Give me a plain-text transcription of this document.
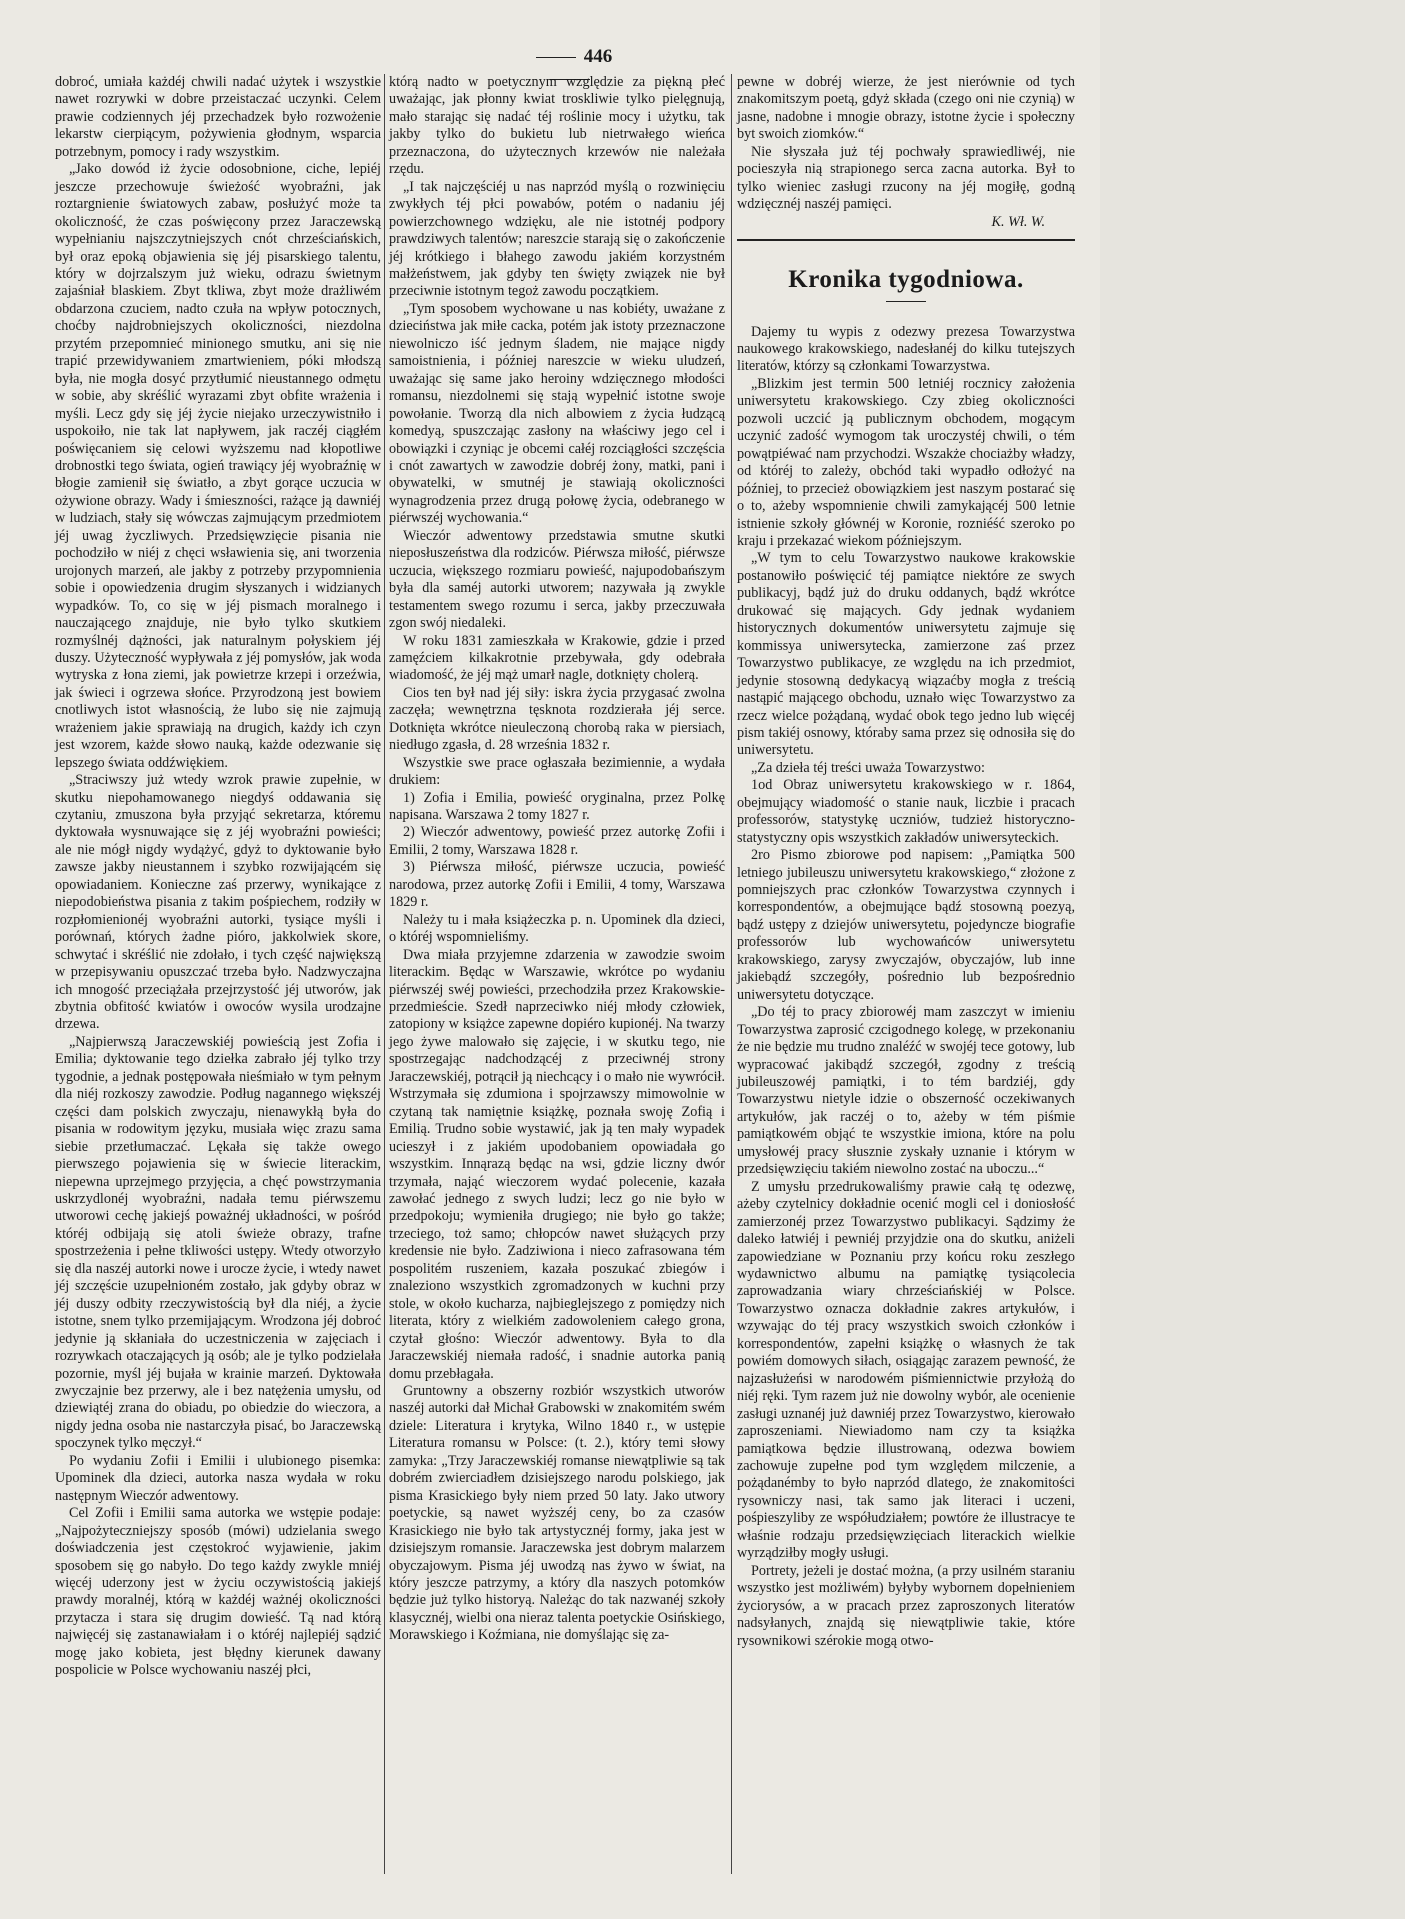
446

dobroć, umiała każdéj chwili nadać użytek i wszystkie nawet rozrywki w dobre przeistaczać uczynki. Celem prawie codziennych jéj przechadzek było rozwożenie lekarstw cierpiącym, pożywienia głodnym, wsparcia potrzebnym, pomocy i rady wszystkim.

„Jako dowód iż życie odosobnione, ciche, lepiéj jeszcze przechowuje świeżość wyobraźni, jak roztargnienie światowych zabaw, posłużyć może ta okoliczność, że czas poświęcony przez Jaraczewską wypełnianiu najszczytniejszych cnót chrześciańskich, był oraz epoką objawienia się jéj pisarskiego talentu, który w dojrzalszym już wieku, odrazu świetnym zajaśniał blaskiem. Zbyt tkliwa, zbyt może drażliwém obdarzona czuciem, nadto czuła na wpływ potocznych, choćby najdrobniejszych okoliczności, niezdolna przytém przepomnieć minionego smutku, ani się nie trapić przewidywaniem zmartwieniem, póki młodszą była, nie mogła dosyć przytłumić nieustannego odmętu w sobie, aby skréślić wyrazami zbyt obfite wrażenia i myśli. Lecz gdy się jéj życie niejako urzeczywistniło i uspokoiło, nie tak lat napływem, jak raczéj ciągłém poświęcaniem się celowi wyższemu nad kłopotliwe drobnostki tego świata, ogień trawiący jéj wyobraźnię w błogie zamienił się światło, a zbyt gorące uczucia w ożywione obrazy. Wady i śmieszności, rażące ją dawniéj w ludziach, stały się wówczas zajmującym przedmiotem jéj uwag życzliwych. Przedsięwzięcie pisania nie pochodziło w niéj z chęci wsławienia się, ani tworzenia urojonych marzeń, ale jakby z potrzeby przypomnienia sobie i opowiedzenia drugim słyszanych i widzianych wypadków. To, co się w jéj pismach moralnego i nauczającego znajduje, nie było tylko skutkiem rozmyślnéj dążności, jak naturalnym połyskiem jéj duszy. Użyteczność wypływała z jéj pomysłów, jak woda wytryska z łona ziemi, jak powietrze krzepi i orzeźwia, jak świeci i ogrzewa słońce. Przyrodzoną jest bowiem cnotliwych istot własnością, że lubo się nie zajmują wrażeniem jakie sprawiają na drugich, każdy ich czyn jest wzorem, każde słowo nauką, każde odezwanie się lepszego świata oddźwiękiem.

„Straciwszy już wtedy wzrok prawie zupełnie, w skutku niepohamowanego niegdyś oddawania się czytaniu, zmuszona była przyjąć sekretarza, któremu dyktowała wysnuwające się z jéj wyobraźni powieści; ale nie mógł nigdy wydążyć, gdyż to dyktowanie było zawsze jakby nieustannem i szybko rozwijającém się opowiadaniem. Konieczne zaś przerwy, wynikające z niepodobieństwa pisania z takim pośpiechem, rodziły w rozpłomienionéj wyobraźni autorki, tysiące myśli i porównań, których żadne pióro, jakkolwiek skore, schwytać i skréślić nie zdołało, i tych część największą w przepisywaniu opuszczać trzeba było. Nadzwyczajna ich mnogość przeciążała przejrzystość jéj utworów, jak zbytnia obfitość kwiatów i owoców wysila urodzajne drzewa.

„Najpierwszą Jaraczewskiéj powieścią jest Zofia i Emilia; dyktowanie tego dziełka zabrało jéj tylko trzy tygodnie, a jednak postępowała nieśmiało w tym pełnym dla niéj rozkoszy zawodzie. Podług nagannego większéj części dam polskich zwyczaju, nienawykłą była do pisania w rodowitym języku, musiała więc zrazu sama siebie przetłumaczać. Lękała się także owego pierwszego pojawienia się w świecie literackim, niepewna uprzejmego przyjęcia, a chęć powstrzymania uskrzydlonéj wyobraźni, nadała temu piérwszemu utworowi cechę jakiejś poważnéj układności, w pośród któréj odbijają się atoli świeże obrazy, trafne spostrzeżenia i pełne tkliwości ustępy. Wtedy otworzyło się dla naszéj autorki nowe i urocze życie, i wtedy nawet jéj szczęście uzupełnioném zostało, jak gdyby obraz w jéj duszy odbity rzeczywistością był dla niéj, a życie istotne, snem tylko przemijającym. Wrodzona jéj dobroć jedynie ją skłaniała do uczestniczenia w zajęciach i rozrywkach otaczających ją osób; ale je tylko podzielała pozornie, myśl jéj bujała w krainie marzeń. Dyktowała zwyczajnie bez przerwy, ale i bez natężenia umysłu, od dziewiątéj zrana do obiadu, po obiedzie do wieczora, a nigdy jedna osoba nie nastarczyła pisać, bo Jaraczewską spoczynek tylko męczył.“

Po wydaniu Zofii i Emilii i ulubionego pisemka: Upominek dla dzieci, autorka nasza wydała w roku następnym Wieczór adwentowy.

Cel Zofii i Emilii sama autorka we wstępie podaje: „Najpożyteczniejszy sposób (mówi) udzielania swego doświadczenia jest częstokroć wyjawienie, jakim sposobem się go nabyło. Do tego każdy zwykle mniéj więcéj uderzony jest w życiu oczywistością jakiejś prawdy moralnéj, którą w każdéj ważnéj okoliczności przytacza i stara się drugim dowieść. Tą nad którą najwięcéj się zastanawiałam i o któréj najlepiéj sądzić mogę jako kobieta, jest błędny kierunek dawany pospolicie w Polsce wychowaniu naszéj płci,

którą nadto w poetycznym względzie za piękną płeć uważając, jak płonny kwiat troskliwie tylko pielęgnują, mało starając się nadać téj roślinie mocy i użytku, tak jakby tylko do bukietu lub nietrwałego wieńca przeznaczona, do użytecznych krzewów nie należała rzędu.

„I tak najczęściéj u nas naprzód myślą o rozwinięciu zwykłych téj płci powabów, potém o nadaniu jéj powierzchownego wdzięku, ale nie istotnéj podpory prawdziwych talentów; nareszcie starają się o zakończenie jéj krótkiego i błahego zawodu jakiém korzystném małżeństwem, jak gdyby ten święty związek nie był przeciwnie istotnym tegoż zawodu początkiem.

„Tym sposobem wychowane u nas kobiéty, uważane z dzieciństwa jak miłe cacka, potém jak istoty przeznaczone niewolniczo iść jednym śladem, nie mające nigdy samoistnienia, i później nareszcie w wieku uludzeń, uważając się same jako heroiny wdzięcznego młodości romansu, niezdolnemi się stają wypełnić istotne swoje powołanie. Tworzą dla nich albowiem z życia łudzącą komedyą, spuszczając zasłony na właściwy jego cel i obowiązki i czyniąc je obcemi całéj rozciągłości szczęścia i cnót zawartych w zawodzie dobréj żony, matki, pani i obywatelki, w smutnéj je stawiają okoliczności wynagrodzenia przez drugą połowę życia, odebranego w piérwszéj wychowania.“

Wieczór adwentowy przedstawia smutne skutki nieposłuszeństwa dla rodziców. Piérwsza miłość, piérwsze uczucia, większego rozmiaru powieść, najupodobańszym była dla saméj autorki utworem; nazywała ją zwykle testamentem swego rozumu i serca, jakby przeczuwała zgon swój niedaleki.

W roku 1831 zamieszkała w Krakowie, gdzie i przed zamęźciem kilkakrotnie przebywała, gdy odebrała wiadomość, że jéj mąż umarł nagle, dotknięty cholerą.

Cios ten był nad jéj siły: iskra życia przygasać zwolna zaczęła; wewnętrzna tęsknota rozdzierała jéj serce. Dotknięta wkrótce nieuleczoną chorobą raka w piersiach, niedługo zgasła, d. 28 września 1832 r.

Wszystkie swe prace ogłaszała bezimiennie, a wydała drukiem:

1) Zofia i Emilia, powieść oryginalna, przez Polkę napisana. Warszawa 2 tomy 1827 r.

2) Wieczór adwentowy, powieść przez autorkę Zofii i Emilii, 2 tomy, Warszawa 1828 r.

3) Piérwsza miłość, piérwsze uczucia, powieść narodowa, przez autorkę Zofii i Emilii, 4 tomy, Warszawa 1829 r.

Należy tu i mała książeczka p. n. Upominek dla dzieci, o któréj wspomnieliśmy.

Dwa miała przyjemne zdarzenia w zawodzie swoim literackim. Będąc w Warszawie, wkrótce po wydaniu piérwszéj swéj powieści, przechodziła przez Krakowskie-przedmieście. Szedł naprzeciwko niéj młody człowiek, zatopiony w książce zapewne dopiéro kupionéj. Na twarzy jego żywe malowało się zajęcie, i w skutku tego, nie spostrzegając nadchodzącéj z przeciwnéj strony Jaraczewskiéj, potrącił ją niechcący i o mało nie wywrócił. Wstrzymała się zdumiona i spojrzawszy mimowolnie w czytaną tak namiętnie książkę, poznała swoję Zofią i Emilią. Trudno sobie wystawić, jak ją ten mały wypadek ucieszył i z jakiém upodobaniem opowiadała go wszystkim. Innąrazą będąc na wsi, gdzie liczny dwór trzymała, nająć wieczorem wydać polecenie, kazała zawołać jednego z swych ludzi; lecz go nie było w przedpokoju; wymieniła drugiego; nie było go także; trzeciego, toż samo; chłopców nawet służących przy kredensie nie było. Zadziwiona i nieco zafrasowana tém pospolitém ruszeniem, kazała poszukać zbiegów i znaleziono wszystkich zgromadzonych w kuchni przy stole, w około kucharza, najbieglejszego z pomiędzy nich literata, który z wielkiém zadowoleniem całego grona, czytał głośno: Wieczór adwentowy. Była to dla Jaraczewskiéj niemała radość, i snadnie autorka panią domu przebłagała.

Gruntowny a obszerny rozbiór wszystkich utworów naszéj autorki dał Michał Grabowski w znakomitém swém dziele: Literatura i krytyka, Wilno 1840 r., w ustępie Literatura romansu w Polsce: (t. 2.), który temi słowy zamyka: „Trzy Jaraczewskiéj romanse niewątpliwie są tak dobrém zwierciadłem dzisiejszego narodu polskiego, jak pisma Krasickiego były niem przed 50 laty. Jako utwory poetyckie, są nawet wyższéj ceny, bo za czasów Krasickiego nie było tak artystycznéj formy, jaka jest w dzisiejszym romansie. Jaraczewska jest dobrym malarzem obyczajowym. Pisma jéj uwodzą nas żywo w świat, na który jeszcze patrzymy, a który dla naszych potomków będzie już tylko historyą. Należąc do tak nazwanéj szkoły klasycznéj, wielbi ona nieraz talenta poetyckie Osińskiego, Morawskiego i Koźmiana, nie domyślając się za-

pewne w dobréj wierze, że jest nierównie od tych znakomitszym poetą, gdyż składa (czego oni nie czynią) w jasne, nadobne i mnogie obrazy, istotne życie i społeczny byt swoich ziomków.“

Nie słyszała już téj pochwały sprawiedliwéj, nie pocieszyła nią strapionego serca zacna autorka. Był to tylko wieniec zasługi rzucony na jéj mogiłę, godną wdzięcznéj naszéj pamięci.

K. Wł. W.
Kronika tygodniowa.

Dajemy tu wypis z odezwy prezesa Towarzystwa naukowego krakowskiego, nadesłanéj do kilku tutejszych literatów, którzy są członkami Towarzystwa.

„Blizkim jest termin 500 letniéj rocznicy założenia uniwersytetu krakowskiego. Czy zbieg okoliczności pozwoli uczcić ją publicznym obchodem, mogącym uczynić zadość wymogom tak uroczystéj chwili, o tém powątpiéwać nam przychodzi. Wszakże chociażby władzy, od któréj to zależy, obchód taki wypadło odłożyć na później, to przecież obowiązkiem jest naszym postarać się o to, ażeby wspomnienie chwili zamykającéj 500 letnie istnienie szkoły głównéj w Koronie, rozniéść szeroko po kraju i przekazać wiekom późniejszym.

„W tym to celu Towarzystwo naukowe krakowskie postanowiło poświęcić téj pamiątce niektóre ze swych publikacyj, bądź już do druku oddanych, bądź wkrótce drukować się mających. Gdy jednak wydaniem historycznych dokumentów uniwersytetu zajmuje się kommissya uniwersytecka, zamierzone zaś przez Towarzystwo publikacye, ze względu na ich przedmiot, jedynie stosowną dedykacyą wiązaćby mogła z treścią nastąpić mającego obchodu, uznało więc Towarzystwo za rzecz wielce pożądaną, wydać obok tego jedno lub więcéj pism takiéj osnowy, któraby sama przez się odnosiła się do uniwersytetu.

„Za dzieła téj treści uważa Towarzystwo:

1od Obraz uniwersytetu krakowskiego w r. 1864, obejmujący wiadomość o stanie nauk, liczbie i pracach professorów, statystykę uczniów, tudzież historyczno-statystyczny opis wszystkich zakładów uniwersyteckich.

2ro Pismo zbiorowe pod napisem: ,,Pamiątka 500 letniego jubileuszu uniwersytetu krakowskiego,“ złożone z pomniejszych prac członków Towarzystwa czynnych i korrespondentów, a obejmujące bądź stosowną poezyą, bądź ustępy z dziejów uniwersytetu, pojedyncze biografie professorów lub wychowańców uniwersytetu krakowskiego, zarysy zwyczajów, obyczajów, lub inne jakiebądź szczegóły, pośrednio lub bezpośrednio uniwersytetu dotyczące.

„Do téj to pracy zbiorowéj mam zaszczyt w imieniu Towarzystwa zaprosić czcigodnego kolegę, w przekonaniu że nie będzie mu trudno znaléźć w swojéj tece gotowy, lub wypracować jakibądź szczegół, zgodny z treścią jubileuszowéj pamiątki, i to tém bardziéj, gdy Towarzystwu nietyle idzie o obszerność oczekiwanych artykułów, jak raczéj o to, ażeby w tém piśmie pamiątkowém objąć te wszystkie imiona, które na polu umysłowéj pracy słusznie zyskały uznanie i którym w przedsięwzięciu takiém niewolno zostać na uboczu...“

Z umysłu przedrukowaliśmy prawie całą tę odezwę, ażeby czytelnicy dokładnie ocenić mogli cel i doniosłość zamierzonéj przez Towarzystwo publikacyi. Sądzimy że daleko łatwiéj i pewniéj przyjdzie ona do skutku, aniżeli zapowiedziane w Poznaniu przy końcu roku zeszłego wydawnictwo albumu na pamiątkę tysiącolecia zaprowadzania wiary chrześciańskiéj w Polsce. Towarzystwo oznacza dokładnie zakres artykułów, i wzywając do téj pracy wszystkich swoich członków i korrespondentów, zapełni książkę o własnych że tak powiém domowych siłach, osiągając zarazem pewność, że najzasłużeńsi w narodowém piśmiennictwie przyłożą do niéj ręki. Tym razem już nie dowolny wybór, ale ocenienie zasługi uznanéj już dawniéj przez Towarzystwo, kierowało zaproszeniami. Niewiadomo nam czy ta książka pamiątkowa będzie illustrowaną, odezwa bowiem zachowuje zupełne pod tym względem milczenie, a pożądanémby to było naprzód dlatego, że znakomitości rysowniczy nasi, tak samo jak literaci i uczeni, pośpieszyliby ze współudziałem; powtóre że illustracye te właśnie rodzaju przedsięwzięciach literackich wielkie wyrządziłby mogły usługi.

Portrety, jeżeli je dostać można, (a przy usilném staraniu wszystko jest możliwém) byłyby wybornem dopełnieniem życiorysów, a w pracach przez zaproszonych literatów nadsyłanych, znajdą się niewątpliwie takie, które rysownikowi szérokie mogą otwo-
